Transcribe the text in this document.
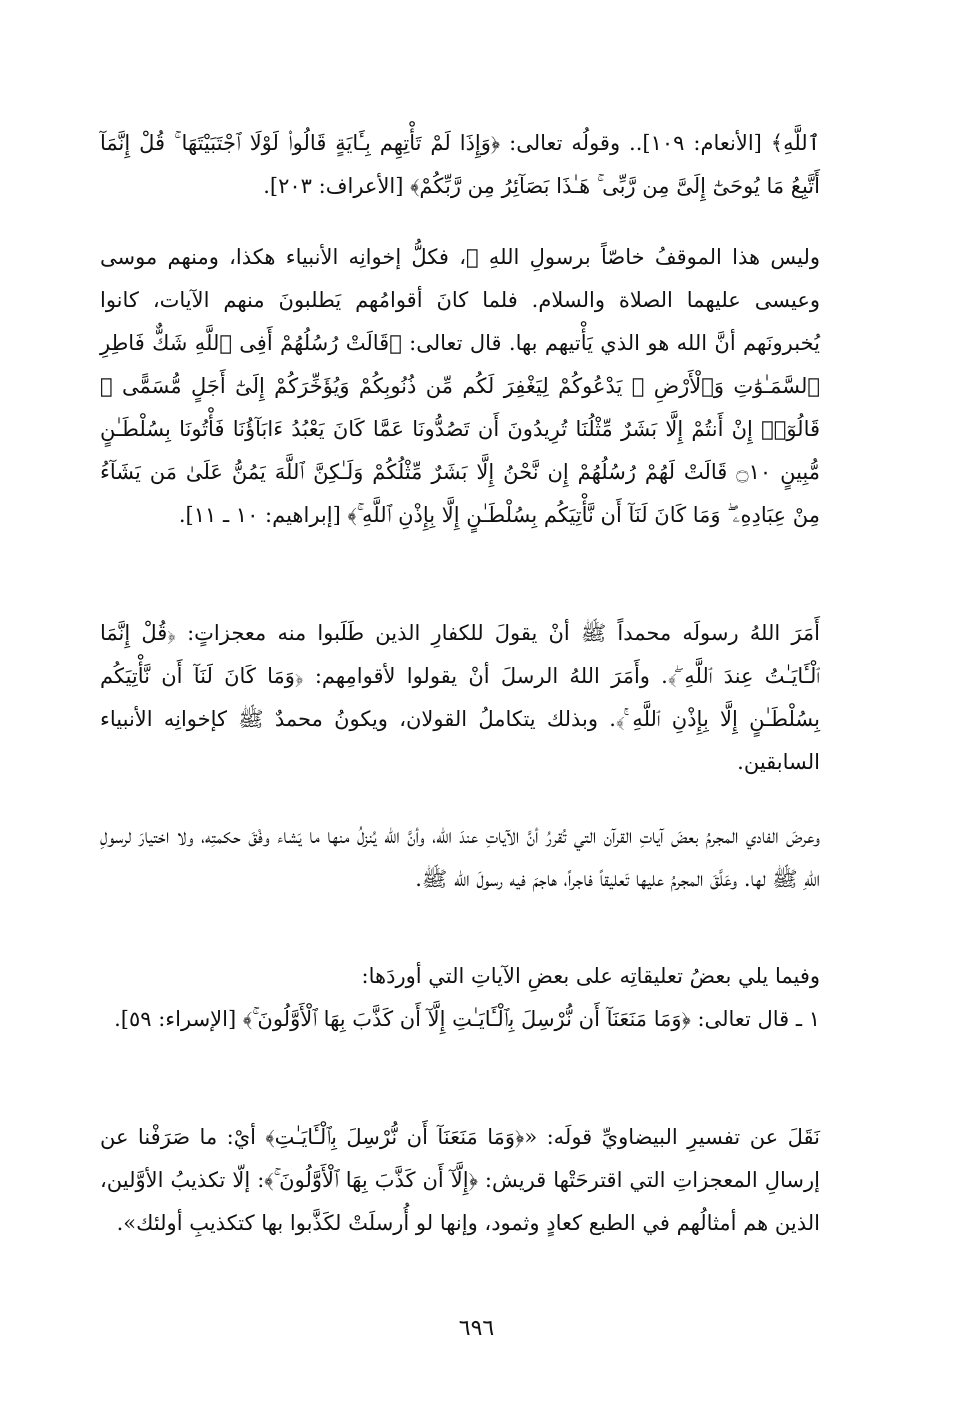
ٱللَّهِ﴾ [الأنعام: ١٠٩].. وقولُه تعالى: ﴿وَإِذَا لَمْ تَأْتِهِم بِـَٔايَةٍ قَالُوا۟ لَوْلَا ٱجْتَبَيْتَهَا ۚ قُلْ إِنَّمَآ أَتَّبِعُ مَا يُوحَىٰٓ إِلَىَّ مِن رَّبِّى ۚ هَـٰذَا بَصَآئِرُ مِن رَّبِّكُمْ﴾ [الأعراف: ٢٠٣].

وليس هذا الموقفُ خاصّاً برسولِ اللهِ ﷺ، فكلُّ إخوانِه الأنبياء هكذا، ومنهم موسى وعيسى عليهما الصلاة والسلام. فلما كانَ أقوامُهم يَطلبونَ منهم الآيات، كانوا يُخبرونَهم أنَّ الله هو الذي يَأْتيهم بها. قال تعالى: ﴿قَالَتْ رُسُلُهُمْ أَفِى ٱللَّهِ شَكٌّ فَاطِرِ ٱلسَّمَـٰوَٰتِ وَٱلْأَرْضِ ۖ يَدْعُوكُمْ لِيَغْفِرَ لَكُم مِّن ذُنُوبِكُمْ وَيُؤَخِّرَكُمْ إِلَىٰٓ أَجَلٍ مُّسَمًّى ۚ قَالُوٓا۟ إِنْ أَنتُمْ إِلَّا بَشَرٌ مِّثْلُنَا تُرِيدُونَ أَن تَصُدُّونَا عَمَّا كَانَ يَعْبُدُ ءَابَآؤُنَا فَأْتُونَا بِسُلْطَـٰنٍ مُّبِينٍ ۝١٠ قَالَتْ لَهُمْ رُسُلُهُمْ إِن نَّحْنُ إِلَّا بَشَرٌ مِّثْلُكُمْ وَلَـٰكِنَّ ٱللَّهَ يَمُنُّ عَلَىٰ مَن يَشَآءُ مِنْ عِبَادِهِۦ ۖ وَمَا كَانَ لَنَآ أَن نَّأْتِيَكُم بِسُلْطَـٰنٍ إِلَّا بِإِذْنِ ٱللَّهِ ۚ﴾ [إبراهيم: ١٠ ـ ١١].

أَمَرَ اللهُ رسولَه محمداً ﷺ أنْ يقولَ للكفارِ الذين طَلَبوا منه معجزاتٍ: ﴿قُلْ إِنَّمَا ٱلْـَٔايَـٰتُ عِندَ ٱللَّهِ ۖ﴾. وأَمَرَ اللهُ الرسلَ أنْ يقولوا لأقوامِهم: ﴿وَمَا كَانَ لَنَآ أَن نَّأْتِيَكُم بِسُلْطَـٰنٍ إِلَّا بِإِذْنِ ٱللَّهِ ۚ﴾. وبذلك يتكاملُ القولان، ويكونُ محمدٌ ﷺ كإخوانِه الأنبياء السابقين.

وعرضَ الفادي المجرمُ بعضَ آياتِ القرآن التي تُقررُ أنَّ الآياتِ عندَ الله، وأنَّ الله يُنزلُ منها ما يَشاء وفْقَ حكمتِه، ولا اختيارَ لرسولِ اللهِ ﷺ لها. وعَلَّقَ المجرمُ عليها تَعليقاً فاجراً، هاجمَ فيه رسولَ الله ﷺ.

وفيما يلي بعضُ تعليقاتِه على بعضِ الآياتِ التي أوردَها:

١ ـ قال تعالى: ﴿وَمَا مَنَعَنَآ أَن نُّرْسِلَ بِٱلْـَٔايَـٰتِ إِلَّآ أَن كَذَّبَ بِهَا ٱلْأَوَّلُونَ ۚ﴾ [الإسراء: ٥٩].

نَقَلَ عن تفسيرِ البيضاويِّ قولَه: «﴿وَمَا مَنَعَنَآ أَن نُّرْسِلَ بِٱلْـَٔايَـٰتِ﴾ أيْ: ما صَرَفْنا عن إرسالِ المعجزاتِ التي اقترحَتْها قريش: ﴿إِلَّآ أَن كَذَّبَ بِهَا ٱلْأَوَّلُونَ ۚ﴾: إلّا تكذيبُ الأوَّلين، الذين هم أمثالُهم في الطبع كعادٍ وثمود، وإنها لو أُرسلَتْ لكَذَّبوا بها كتكذيبِ أولئك».

٦٩٦
